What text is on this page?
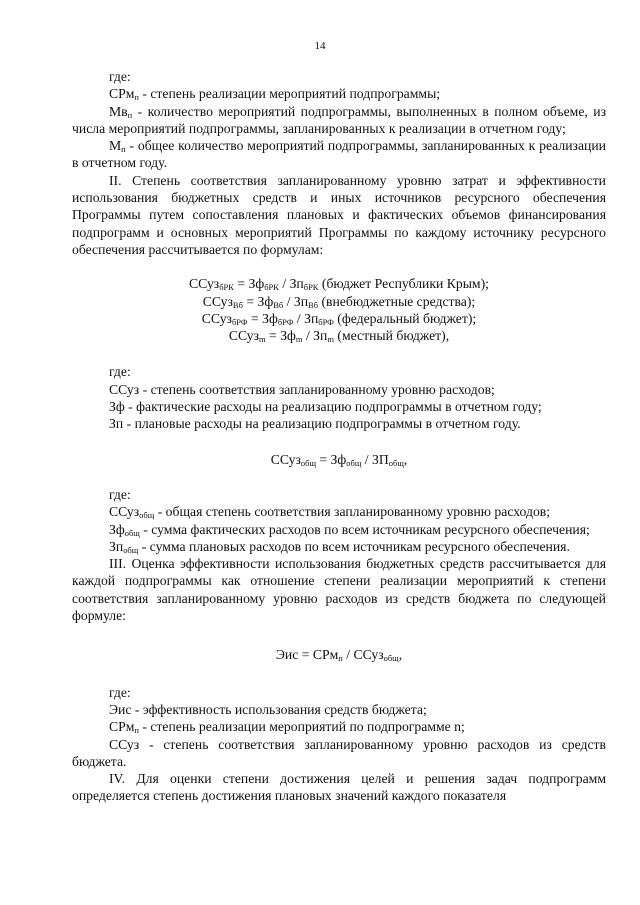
14

где:

СРм$_п$ - степень реализации мероприятий подпрограммы;

$Мв_п$ - количество мероприятий подпрограммы, выполненных в полном объеме, из числа мероприятий подпрограммы, запланированных к реализации в отчетном году;

$М_п$ - общее количество мероприятий подпрограммы, запланированных к реализации в отчетном году.

II. Степень соответствия запланированному уровню затрат и эффективности использования бюджетных средств и иных источников ресурсного обеспечения Программы путем сопоставления плановых и фактических объемов финансирования подпрограмм и основных мероприятий Программы по каждому источнику ресурсного обеспечения рассчитывается по формулам:

ССуз$_{бРК}$ = $Зф_{бРК} / Зп_{бРК}$ (бюджет Республики Крым);

ССуз$_{Вб}$ = $Зф_{Вб} / Зп_{Вб}$ (внебюджетные средства);

ССуз$_{бРФ}$ = $Зф_{бРФ} / Зп_{бРФ}$ (федеральный бюджет);

ССуз$_m$ = $Зф_m / Зп_m$ (местный бюджет),

где:

ССуз - степень соответствия запланированному уровню расходов;

Зф - фактические расходы на реализацию подпрограммы в отчетном году;

Зп - плановые расходы на реализацию подпрограммы в отчетном году.

ССуз$_{общ}$ = $Зф_{общ} / ЗП_{общ}$,

где:

ССуз$_{общ}$ - общая степень соответствия запланированному уровню расходов;

$Зф_{общ}$ - сумма фактических расходов по всем источникам ресурсного обеспечения;

$Зп_{общ}$ - сумма плановых расходов по всем источникам ресурсного обеспечения.

III. Оценка эффективности использования бюджетных средств рассчитывается для каждой подпрограммы как отношение степени реализации мероприятий к степени соответствия запланированному уровню расходов из средств бюджета по следующей формуле:

Эис = СРм$_п$ / ССуз$_{общ}$,

где:

Эис - эффективность использования средств бюджета;

СРм$_п$ - степень реализации мероприятий по подпрограмме n;

ССуз - степень соответствия запланированному уровню расходов из средств бюджета.

IV. Для оценки степени достижения целей и решения задач подпрограмм определяется степень достижения плановых значений каждого показателя
